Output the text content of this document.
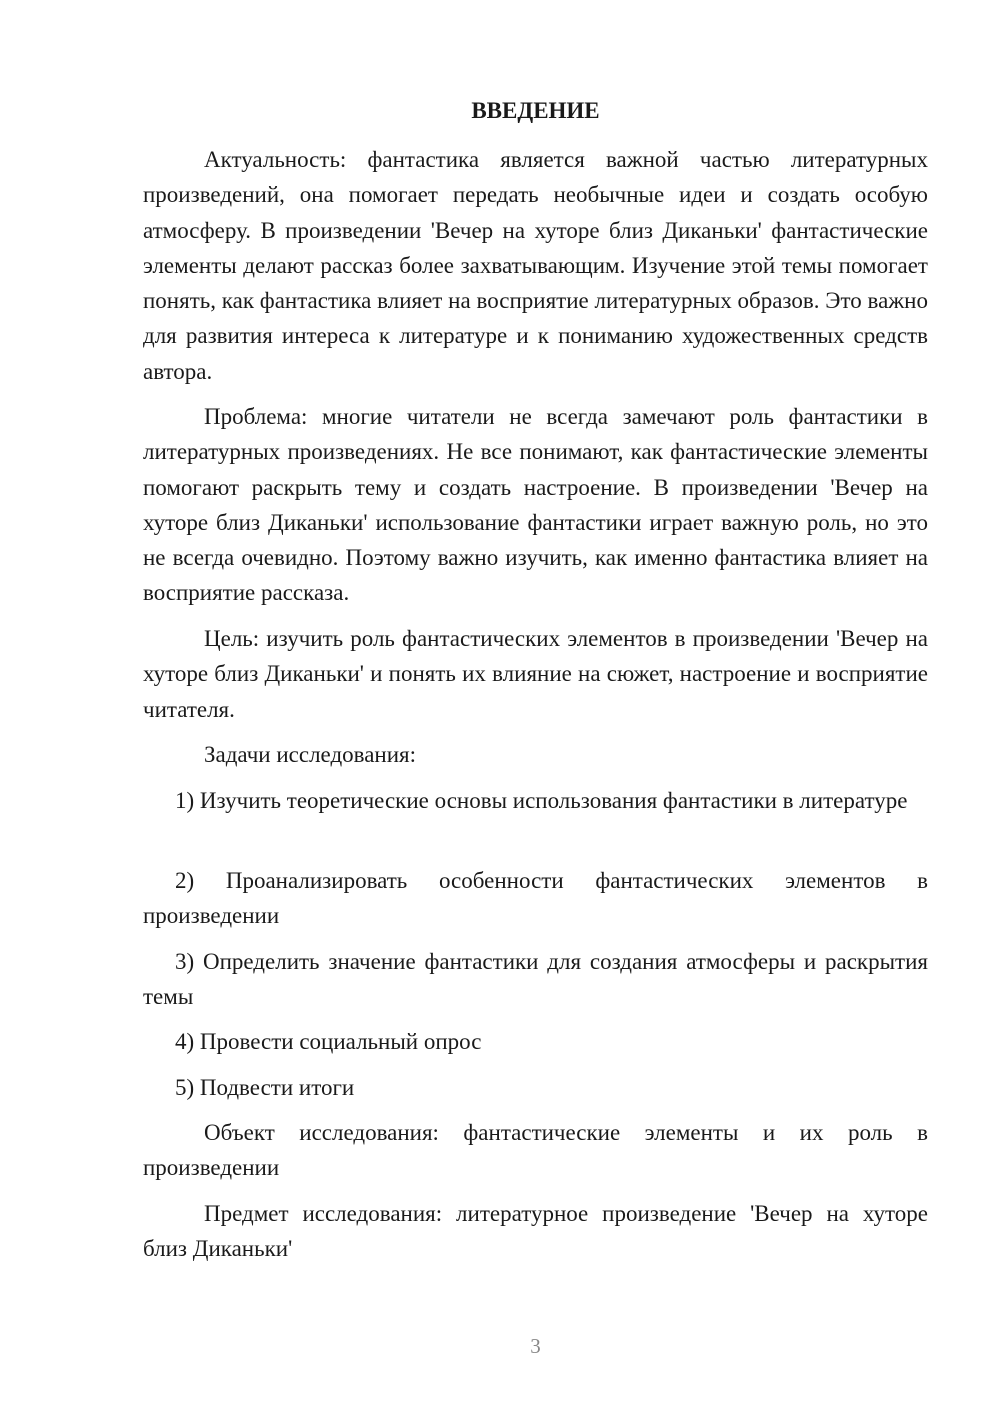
ВВЕДЕНИЕ

Актуальность: фантастика является важной частью литературных произведений, она помогает передать необычные идеи и создать особую атмосферу. В произведении 'Вечер на хуторе близ Диканьки' фантастические элементы делают рассказ более захватывающим. Изучение этой темы помогает понять, как фантастика влияет на восприятие литературных образов. Это важно для развития интереса к литературе и к пониманию художественных средств автора.

Проблема: многие читатели не всегда замечают роль фантастики в литературных произведениях. Не все понимают, как фантастические элементы помогают раскрыть тему и создать настроение. В произведении 'Вечер на хуторе близ Диканьки' использование фантастики играет важную роль, но это не всегда очевидно. Поэтому важно изучить, как именно фантастика влияет на восприятие рассказа.

Цель: изучить роль фантастических элементов в произведении 'Вечер на хуторе близ Диканьки' и понять их влияние на сюжет, настроение и восприятие читателя.

Задачи исследования:

1) Изучить теоретические основы использования фантастики в литературе

2) Проанализировать особенности фантастических элементов в произведении

3) Определить значение фантастики для создания атмосферы и раскрытия темы

4) Провести социальный опрос

5) Подвести итоги

Объект исследования: фантастические элементы и их роль в произведении

Предмет исследования: литературное произведение 'Вечер на хуторе близ Диканьки'

3
